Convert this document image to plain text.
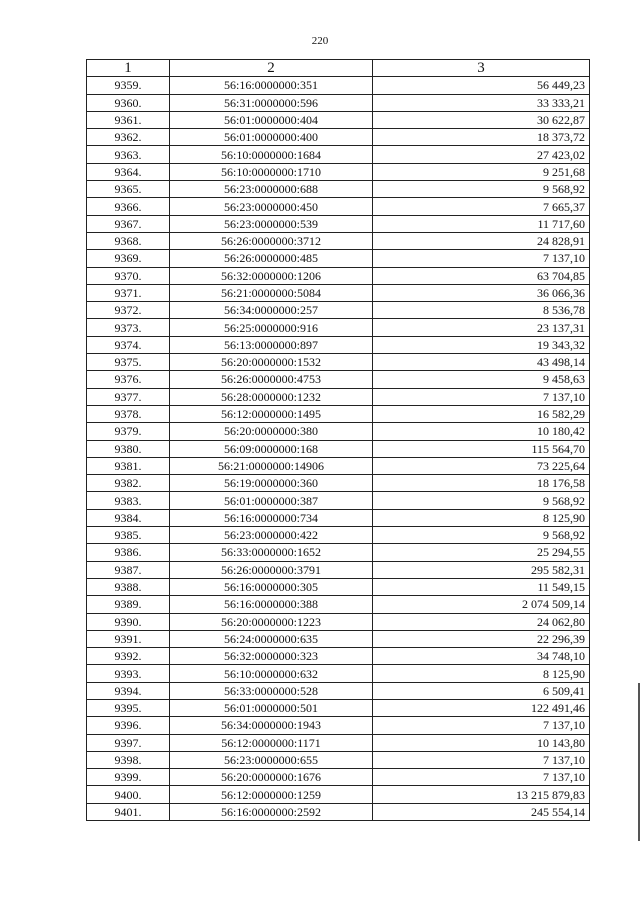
220
1	2	3
9359.	56:16:0000000:351	56 449,23
9360.	56:31:0000000:596	33 333,21
9361.	56:01:0000000:404	30 622,87
9362.	56:01:0000000:400	18 373,72
9363.	56:10:0000000:1684	27 423,02
9364.	56:10:0000000:1710	9 251,68
9365.	56:23:0000000:688	9 568,92
9366.	56:23:0000000:450	7 665,37
9367.	56:23:0000000:539	11 717,60
9368.	56:26:0000000:3712	24 828,91
9369.	56:26:0000000:485	7 137,10
9370.	56:32:0000000:1206	63 704,85
9371.	56:21:0000000:5084	36 066,36
9372.	56:34:0000000:257	8 536,78
9373.	56:25:0000000:916	23 137,31
9374.	56:13:0000000:897	19 343,32
9375.	56:20:0000000:1532	43 498,14
9376.	56:26:0000000:4753	9 458,63
9377.	56:28:0000000:1232	7 137,10
9378.	56:12:0000000:1495	16 582,29
9379.	56:20:0000000:380	10 180,42
9380.	56:09:0000000:168	115 564,70
9381.	56:21:0000000:14906	73 225,64
9382.	56:19:0000000:360	18 176,58
9383.	56:01:0000000:387	9 568,92
9384.	56:16:0000000:734	8 125,90
9385.	56:23:0000000:422	9 568,92
9386.	56:33:0000000:1652	25 294,55
9387.	56:26:0000000:3791	295 582,31
9388.	56:16:0000000:305	11 549,15
9389.	56:16:0000000:388	2 074 509,14
9390.	56:20:0000000:1223	24 062,80
9391.	56:24:0000000:635	22 296,39
9392.	56:32:0000000:323	34 748,10
9393.	56:10:0000000:632	8 125,90
9394.	56:33:0000000:528	6 509,41
9395.	56:01:0000000:501	122 491,46
9396.	56:34:0000000:1943	7 137,10
9397.	56:12:0000000:1171	10 143,80
9398.	56:23:0000000:655	7 137,10
9399.	56:20:0000000:1676	7 137,10
9400.	56:12:0000000:1259	13 215 879,83
9401.	56:16:0000000:2592	245 554,14
